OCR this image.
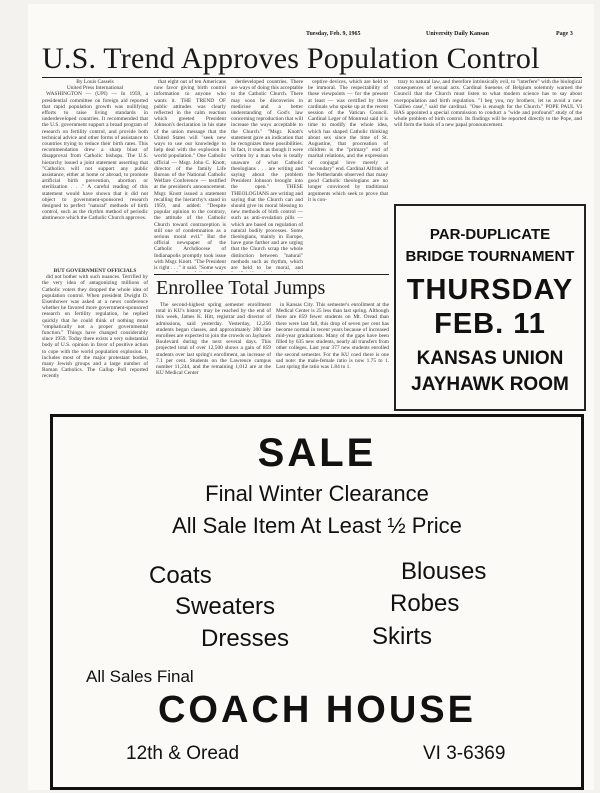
Tuesday, Feb. 9, 1965	University Daily Kansan	Page 3
U.S. Trend Approves Population Control

By Louis Cassels

United Press International

WASHINGTON — (UPI) — In 1959, a presidential committee on foreign aid reported that rapid population growth was nullifying efforts to raise living standards in underdeveloped countries. It recommended that the U.S. government support a broad program of research on fertility control, and provide both technical advice and other forms of assistance to countries trying to reduce their birth rates. This recommendation drew a sharp blast of disapproval from Catholic bishops. The U.S. hierarchy issued a joint statement asserting that "Catholics will not support any public assistance, either at home or abroad, to promote artificial birth prevention, abortion or sterilization . . ." A careful reading of this statement would have shown that it did not object to government-sponsored research designed to perfect "natural" methods of birth control, such as the rhythm method of periodic abstinence which the Catholic Church approves.

BUT GOVERNMENT OFFICIALS

did not bother with such nuances. Terrified by the very idea of antagonizing millions of Catholic voters they dropped the whole idea of population control. When president Dwight D. Eisenhower was asked at a news conference whether he favored more government-sponsored research on fertility regulation, he replied quickly that he could think of nothing more "emphatically not a proper governmental function." Things have changed considerably since 1959. Today there exists a very substantial body of U.S. opinion in favor of positive action to cope with the world population explosion. It includes most of the major protestant bodies, many Jewish groups and a large number of Roman Catholics. The Gallup Poll reported recently

that eight out of ten Americans now favor giving birth control information to anyone who wants it. THE TREND OF public attitudes was clearly reflected in the calm reaction which greeted President Johnson's declaration in his state of the union message that the United States will "seek new ways to use our knowledge to help deal with the explosion in world population." One Catholic official — Msgr. John C. Knott, director of the family Life Bureau of the National Catholic Welfare Conference — testified at the president's announcement. Msgr. Knott issued a statement recalling the hierarchy's stand in 1959, and added: "Despite popular opinion to the contrary, the attitude of the Catholic Church toward contraception is still one of condemnation as a serious moral evil." But the official newspaper of the Catholic Archdiocese of Indianapolis promptly took issue with Msgr. Knott. "The President is right . . ." it said. "Some ways

derdeveloped countries. There are ways of doing this acceptable to the Catholic Church. There may soon be discoveries in medicine and a better understanding of God's law concerning reproduction that will increase the ways acceptable to the Church." "Msgr. Knott's statement gave an indication that he recognizes these possibilities. In fact, it reads as though it were written by a man who is totally unaware of what Catholic theologians . . . are writing and saying about the problem President Johnson brought into the open." THESE THEOLOGIANS are writing and saying that the Church can and should give its moral blessing to new methods of birth control — such as anti-ovulation pills — which are based on regulation of natural bodily processes. Some theologians, mainly in Europe, have gone farther and are urging that the Church scrap the whole distinction between "natural" methods such as rhythm, which are held to be moral, and

ceptive devices, which are held to be immoral. The respectability of these viewpoints — for the present at least — was certified by three cardinals who spoke up at the recent session of the Vatican Council. Cardinal Leger of Montreal said it is time to modify the whole idea, which has shaped Catholic thinking about sex since the time of St. Augustine, that procreation of children is the "primary" end of marital relations, and the expression of conjugal love merely a "secondary" end. Cardinal Alfrink of the Netherlands observed that many good Catholic theologians are no longer convinced by traditional arguments which seek to prove that it is con-

trary to natural law, and therefore intrinsically evil, to "interfere" with the biological consequences of sexual acts. Cardinal Suenens of Belgium solemnly warned the Council that the Church must listen to what modern science has to say about overpopulation and birth regulation. "I beg you, my brothers, let us avoid a new 'Galileo case'," said the cardinal. "One is enough for the Church." POPE PAUL VI HAS appointed a special commission to conduct a "wide and profound" study of the whole problem of birth control. Its findings will be reported directly to the Pope, and will form the basis of a new papal pronouncement.

Enrollee Total Jumps

The second-highest spring semester enrollment total in KU's history may be reached by the end of this week, James K. Hitt, registrar and director of admissions, said yesterday. Yesterday, 12,256 students began classes, and approximately 300 late enrollees are expected to join the crowds on Jayhawk Boulevard during the next several days. This projected total of over 12,500 shows a gain of 859 students over last spring's enrollment, an increase of 7.1 per cent. Students on the Lawrence campus number 11,244, and the remaining 1,012 are at the KU Medical Center

in Kansas City. This semester's enrollment at the Medical Center is 25 less than last spring. Although there are 859 fewer students on Mt. Oread than there were last fall, this drop of seven per cent has become normal in recent years because of increased mid-year graduations. Many of the gaps have been filled by 635 new students, nearly all transfers from other colleges. Last year 377 new students enrolled the second semester. For the KU coed there is one sad note: the male-female ratio is now 1.75 to 1. Last spring the ratio was 1.84 to 1.

PAR-DUPLICATE
BRIDGE TOURNAMENT
THURSDAY
FEB. 11
KANSAS UNION
JAYHAWK ROOM
SALE
Final Winter Clearance
All Sale Item At Least ½ Price
Coats
Sweaters
Dresses
Blouses
Robes
Skirts
All Sales Final
COACH HOUSE
12th & Oread	VI 3-6369
